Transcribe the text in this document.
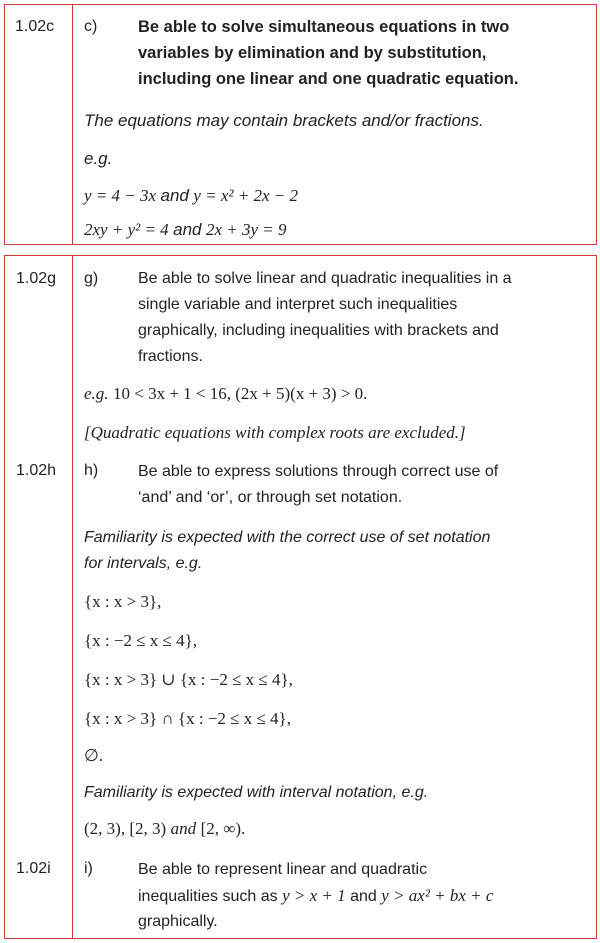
1.02c c) Be able to solve simultaneous equations in two
variables by elimination and by substitution,
including one linear and one quadratic equation.
The equations may contain brackets and/or fractions.
e.g.
y = 4 − 3x and y = x² + 2x − 2
2xy + y² = 4 and 2x + 3y = 9
1.02g g) Be able to solve linear and quadratic inequalities in a
single variable and interpret such inequalities
graphically, including inequalities with brackets and
fractions.
e.g. 10 < 3x + 1 < 16, (2x + 5)(x + 3) > 0.
[Quadratic equations with complex roots are excluded.]
1.02h h) Be able to express solutions through correct use of
‘and’ and ‘or’, or through set notation.
Familiarity is expected with the correct use of set notation
for intervals, e.g.
{x : x > 3},
{x : −2 ≤ x ≤ 4},
{x : x > 3} ∪ {x : −2 ≤ x ≤ 4},
{x : x > 3} ∩ {x : −2 ≤ x ≤ 4},
∅.
Familiarity is expected with interval notation, e.g.
(2, 3), [2, 3) and [2, ∞).
1.02i i)	Be able to represent linear and quadratic
inequalities such as y > x + 1 and y > ax² + bx + c
graphically.
